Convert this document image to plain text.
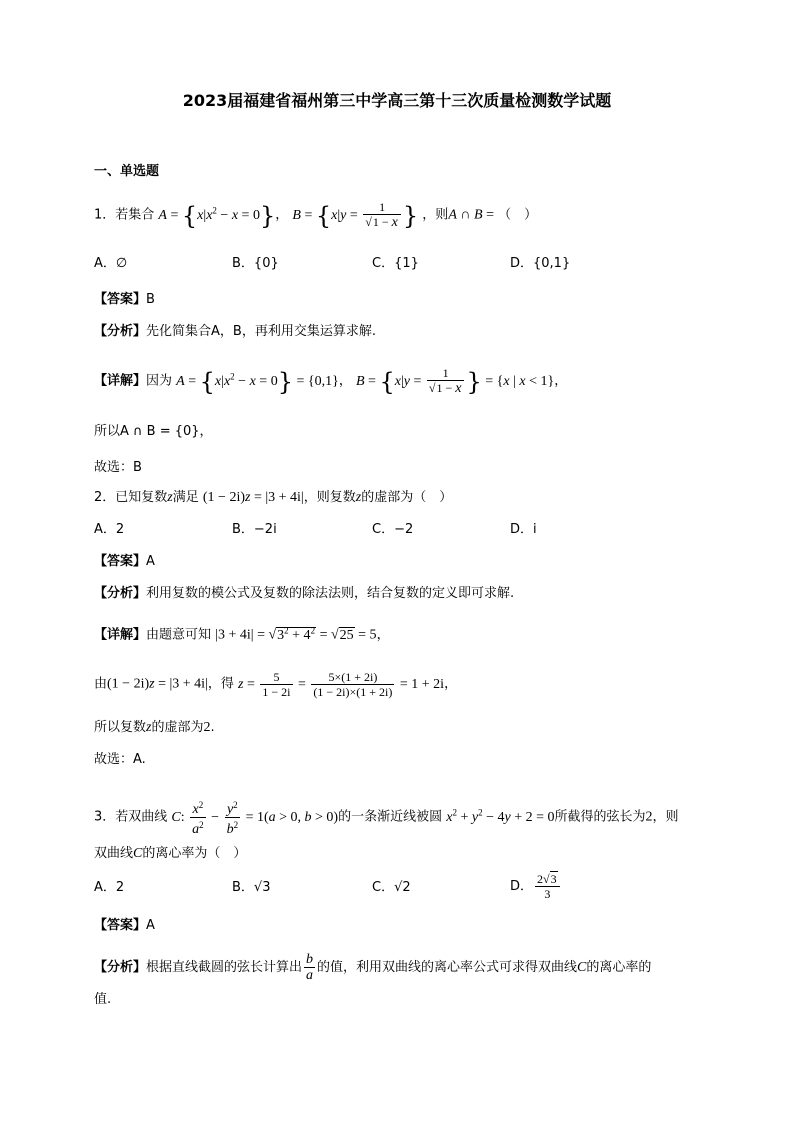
2023届福建省福州第三中学高三第十三次质量检测数学试题
一、单选题
1．若集合 $A = \{x|x^2 - x = 0\}$， $B = \{x|y = \frac{1}{√1 - x}$ } ，则A ∩ B = （　）
A．∅	B．{0}	C．{1}	D．{0,1}
【答案】B
【分析】先化简集合A，B，再利用交集运算求解.
【详解】因为 $A = \{x|x^2 - x = 0\} = \{0,1\}$， $B = \{x|y = \frac{1}{√1 - x}$ } = {x | x < 1}，
所以A ∩ B = {0}，
故选：B
2．已知复数z满足 (1 − 2i)z = |3 + 4i|，则复数z的虚部为（　）
A．2	B．−2i	C．−2	D．i
【答案】A
【分析】利用复数的模公式及复数的除法法则，结合复数的定义即可求解.
【详解】由题意可知 $|3 + 4i| = √3^2 + 4^2 = √25 = 5$，
由(1 − 2i)z = |3 + 4i|，得 $z = \frac{5}{1 - 2i} = \frac{5\times(1 + 2i)}{(1 - 2i)\times(1 + 2i)} = 1 + 2i$，
所以复数z的虚部为2.
故选：A.
3．若双曲线 C: $\frac{x^2}{a^2} - \frac{y^2}{b^2} = 1(a > 0$, b > 0)的一条渐近线被圆 $x^2 + y^2 - 4y + 2 = 0$所截得的弦长为2，则
双曲线C的离心率为（　）
A．2	B．√3	C．√2	D． $\frac{2√3}{3}$
【答案】A
【分析】根据直线截圆的弦长计算出 $\frac{b}{a}$ 的值，利用双曲线的离心率公式可求得双曲线C的离心率的
值.
